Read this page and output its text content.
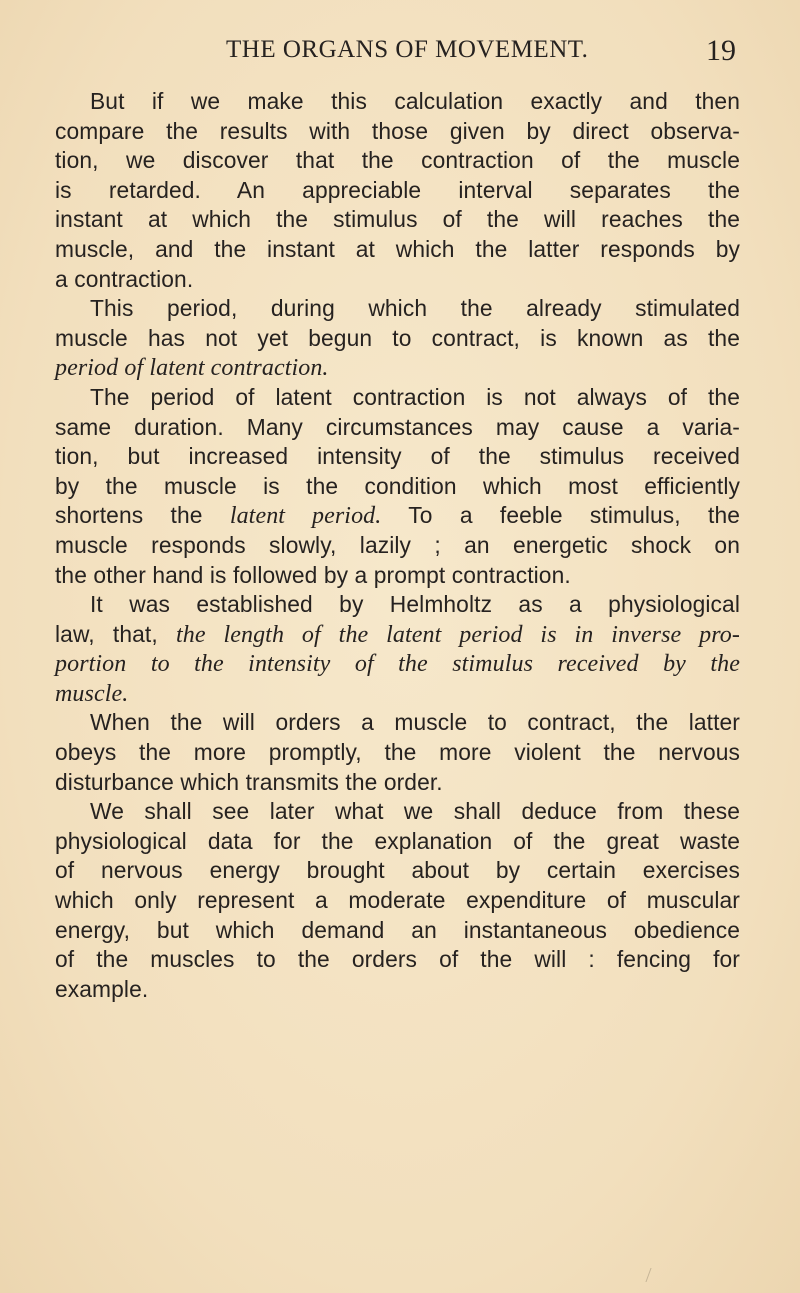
THE ORGANS OF MOVEMENT.	19
But if we make this calculation exactly and then
compare the results with those given by direct observa-
tion, we discover that the contraction of the muscle
is retarded. An appreciable interval separates the
instant at which the stimulus of the will reaches the
muscle, and the instant at which the latter responds by
a contraction.
This period, during which the already stimulated
muscle has not yet begun to contract, is known as the
period of latent contraction.
The period of latent contraction is not always of the
same duration. Many circumstances may cause a varia-
tion, but increased intensity of the stimulus received
by the muscle is the condition which most efficiently
shortens the latent period. To a feeble stimulus, the
muscle responds slowly, lazily ; an energetic shock on
the other hand is followed by a prompt contraction.
It was established by Helmholtz as a physiological
law, that, the length of the latent period is in inverse pro-
portion to the intensity of the stimulus received by the
muscle.
When the will orders a muscle to contract, the latter
obeys the more promptly, the more violent the nervous
disturbance which transmits the order.
We shall see later what we shall deduce from these
physiological data for the explanation of the great waste
of nervous energy brought about by certain exercises
which only represent a moderate expenditure of muscular
energy, but which demand an instantaneous obedience
of the muscles to the orders of the will : fencing for
example.
